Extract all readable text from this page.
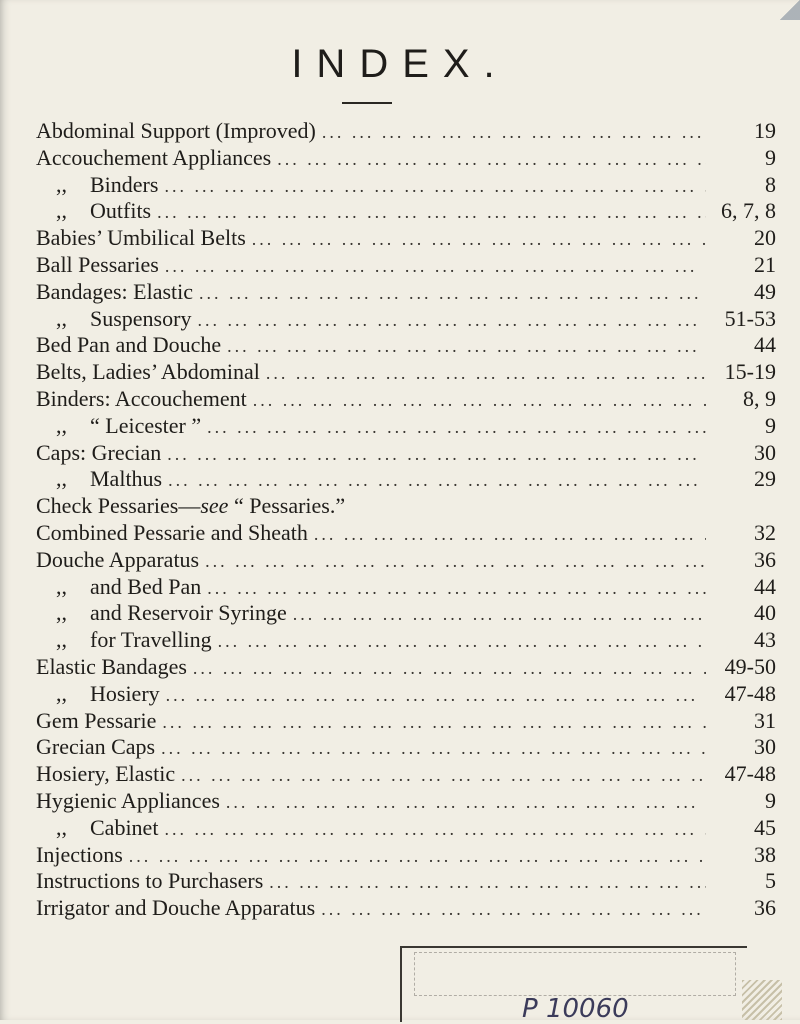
INDEX.
Abdominal Support (Improved) ... .	19
Accouchement Appliances ... .	9
,, Binders ... .	8
,, Outfits ... .	6, 7, 8
Babies’ Umbilical Belts ... .	20
Ball Pessaries ... .	21
Bandages: Elastic ... .	49
,, Suspensory ... .	51-53
Bed Pan and Douche ... .	44
Belts, Ladies’ Abdominal ... .	15-19
Binders: Accouchement ... .	8, 9
,, “ Leicester ” ... .	9
Caps: Grecian ... .	30
,, Malthus ... .	29
Check Pessaries—see “ Pessaries.”
Combined Pessarie and Sheath ... .	32
Douche Apparatus ... .	36
,, and Bed Pan ... .	44
,, and Reservoir Syringe ... .	40
,, for Travelling ... .	43
Elastic Bandages ... .	49-50
,, Hosiery ... .	47-48
Gem Pessarie ... .	31
Grecian Caps ... .	30
Hosiery, Elastic ... .	47-48
Hygienic Appliances ... .	9
,, Cabinet ... .	45
Injections ... .	38
Instructions to Purchasers ... .	5
Irrigator and Douche Apparatus ... .	36
P 10060
